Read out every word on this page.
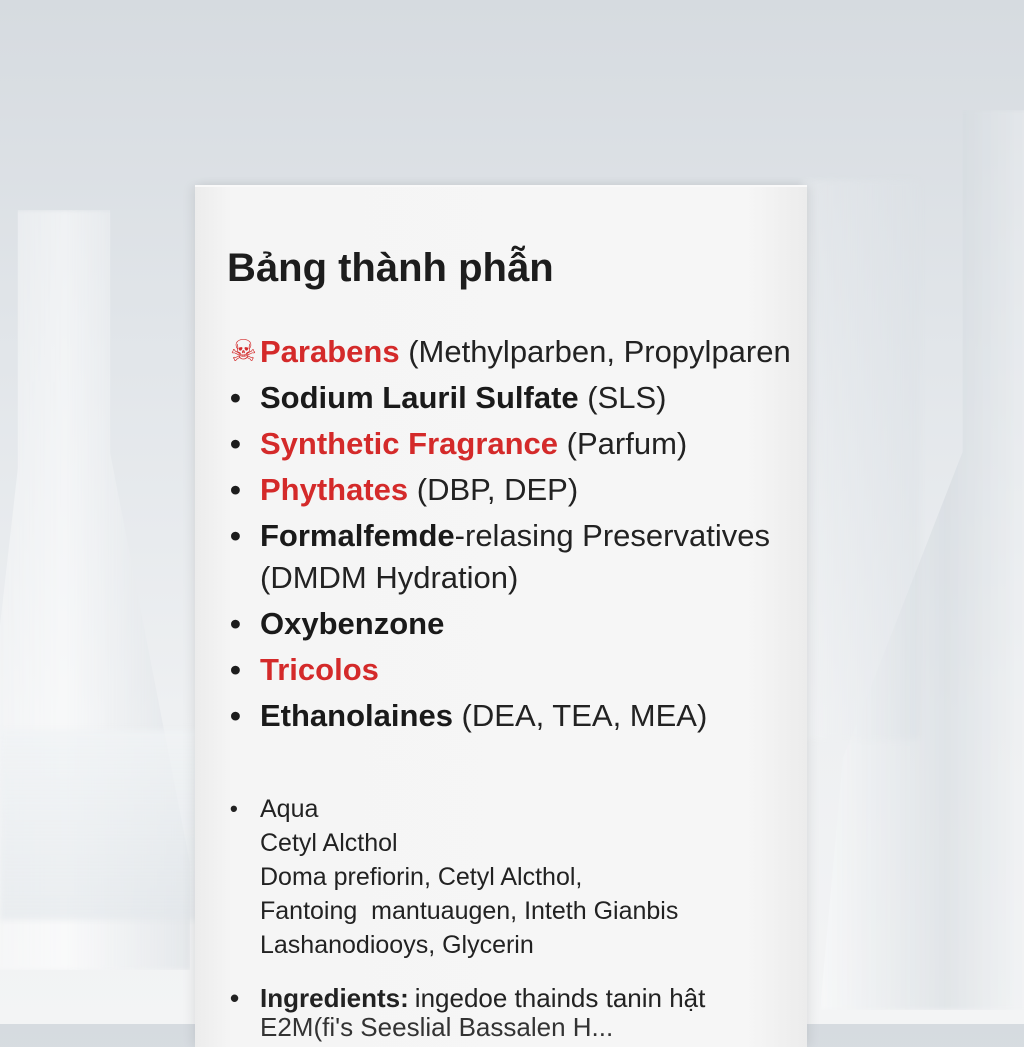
Bảng thành phẫn
☠ Parabens (Methylparben, Propylparen
• Sodium Lauril Sulfate (SLS)
• Synthetic Fragrance (Parfum)
• Phythates (DBP, DEP)
• Formalfemde-relasing Preservatives (DMDM Hydration)
• Oxybenzone
• Tricolos
• Ethanolaines (DEA, TEA, MEA)
• Aqua
Cetyl Alcthol
Doma prefiorin, Cetyl Alcthol,
Fantoing  mantuaugen, Inteth Gianbis
Lashanodiooys, Glycerin
• Ingredients: ingedoe thainds tanin hật
E2M(fi's Seeslial Bassalen H...
